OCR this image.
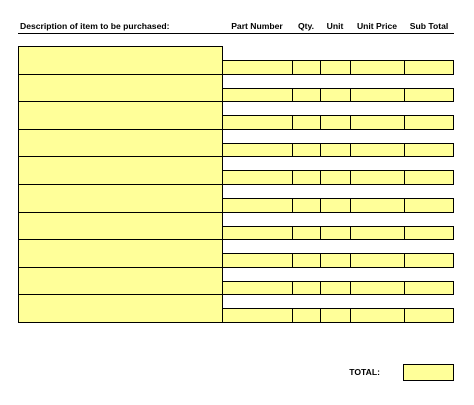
Description of item to be purchased:	Part Number	Qty.	Unit	Unit Price	Sub Total
TOTAL:
